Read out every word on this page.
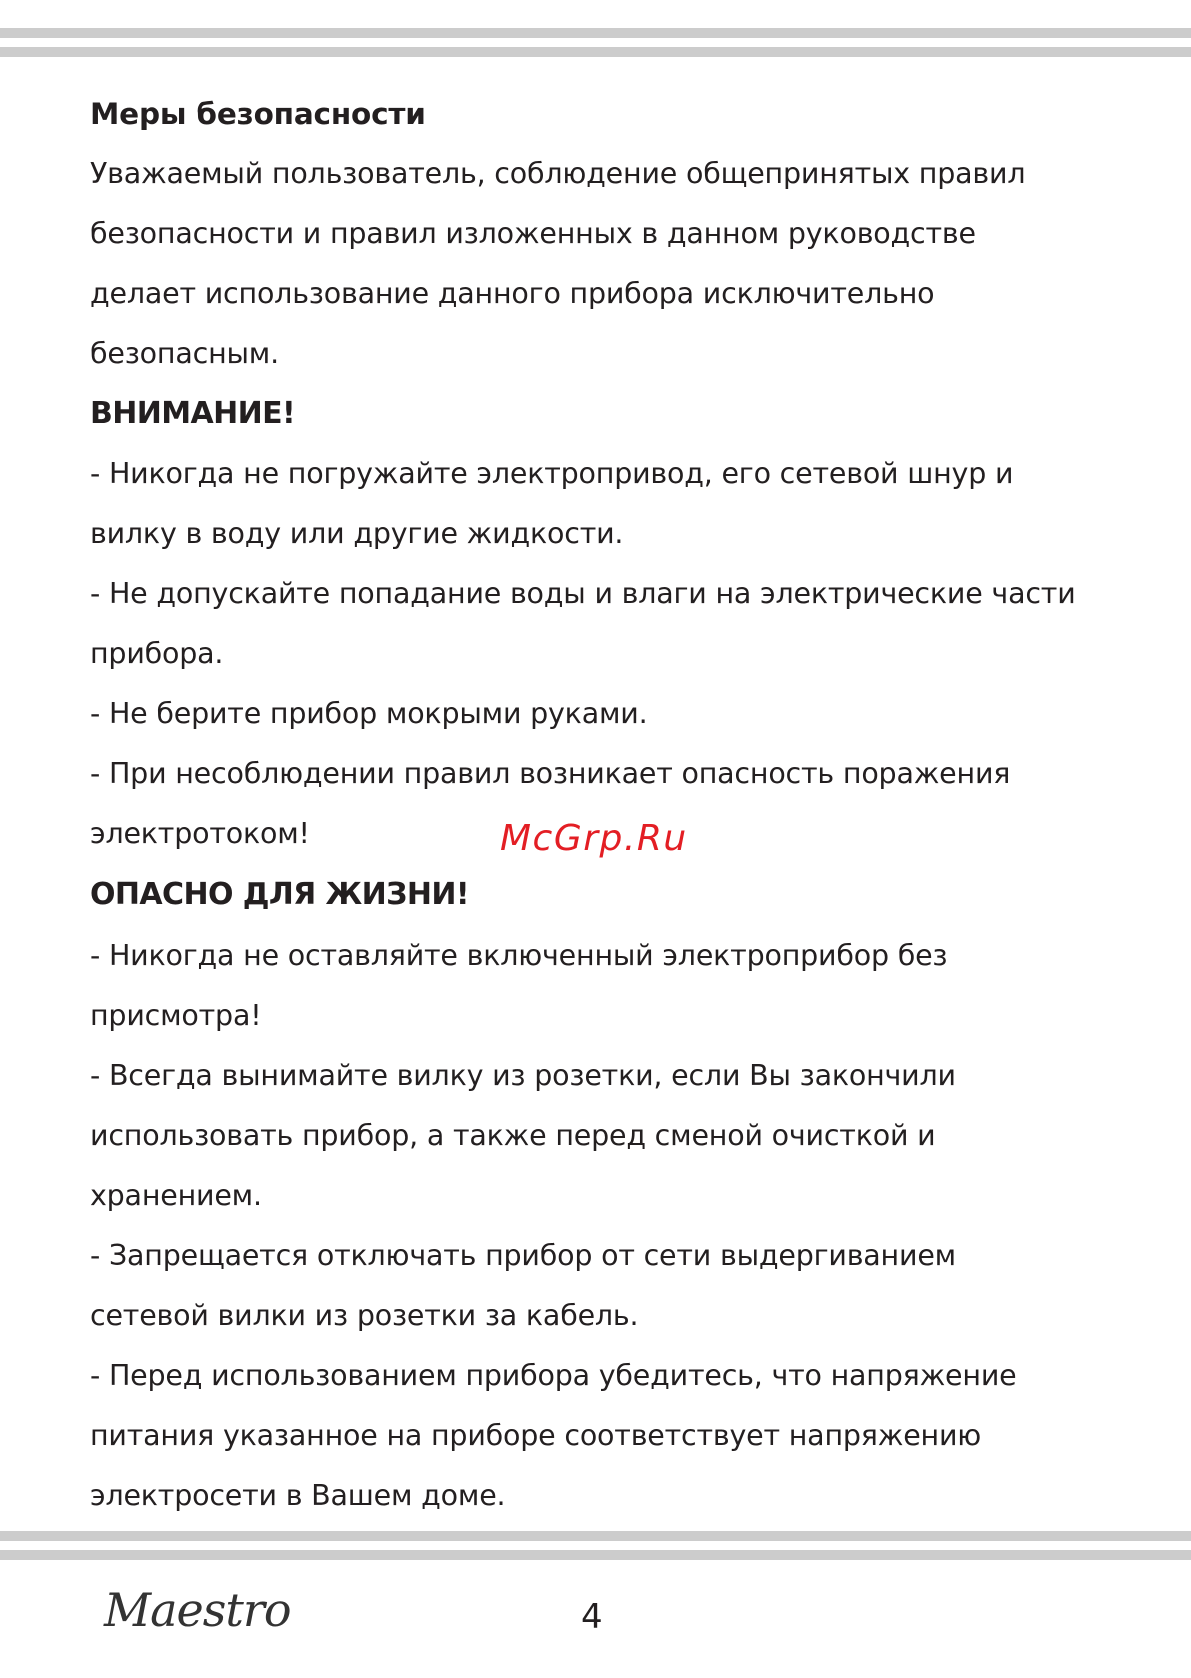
Меры безопасности
Уважаемый пользователь, соблюдение общепринятых правил
безопасности и правил изложенных в данном руководстве
делает использование данного прибора исключительно
безопасным.
ВНИМАНИЕ!
- Никогда не погружайте электропривод, его сетевой шнур и
вилку в воду или другие жидкости.
- Не допускайте попадание воды и влаги на электрические части
прибора.
- Не берите прибор мокрыми руками.
- При несоблюдении правил возникает опасность поражения
электротоком!
ОПАСНО ДЛЯ ЖИЗНИ!
- Никогда не оставляйте включенный электроприбор без
присмотра!
- Всегда вынимайте вилку из розетки, если Вы закончили
использовать прибор, а также перед сменой очисткой и
хранением.
- Запрещается отключать прибор от сети выдергиванием
сетевой вилки из розетки за кабель.
- Перед использованием прибора убедитесь, что напряжение
питания указанное на приборе соответствует напряжению
электросети в Вашем доме.
McGrp.Ru
Maestro	4
